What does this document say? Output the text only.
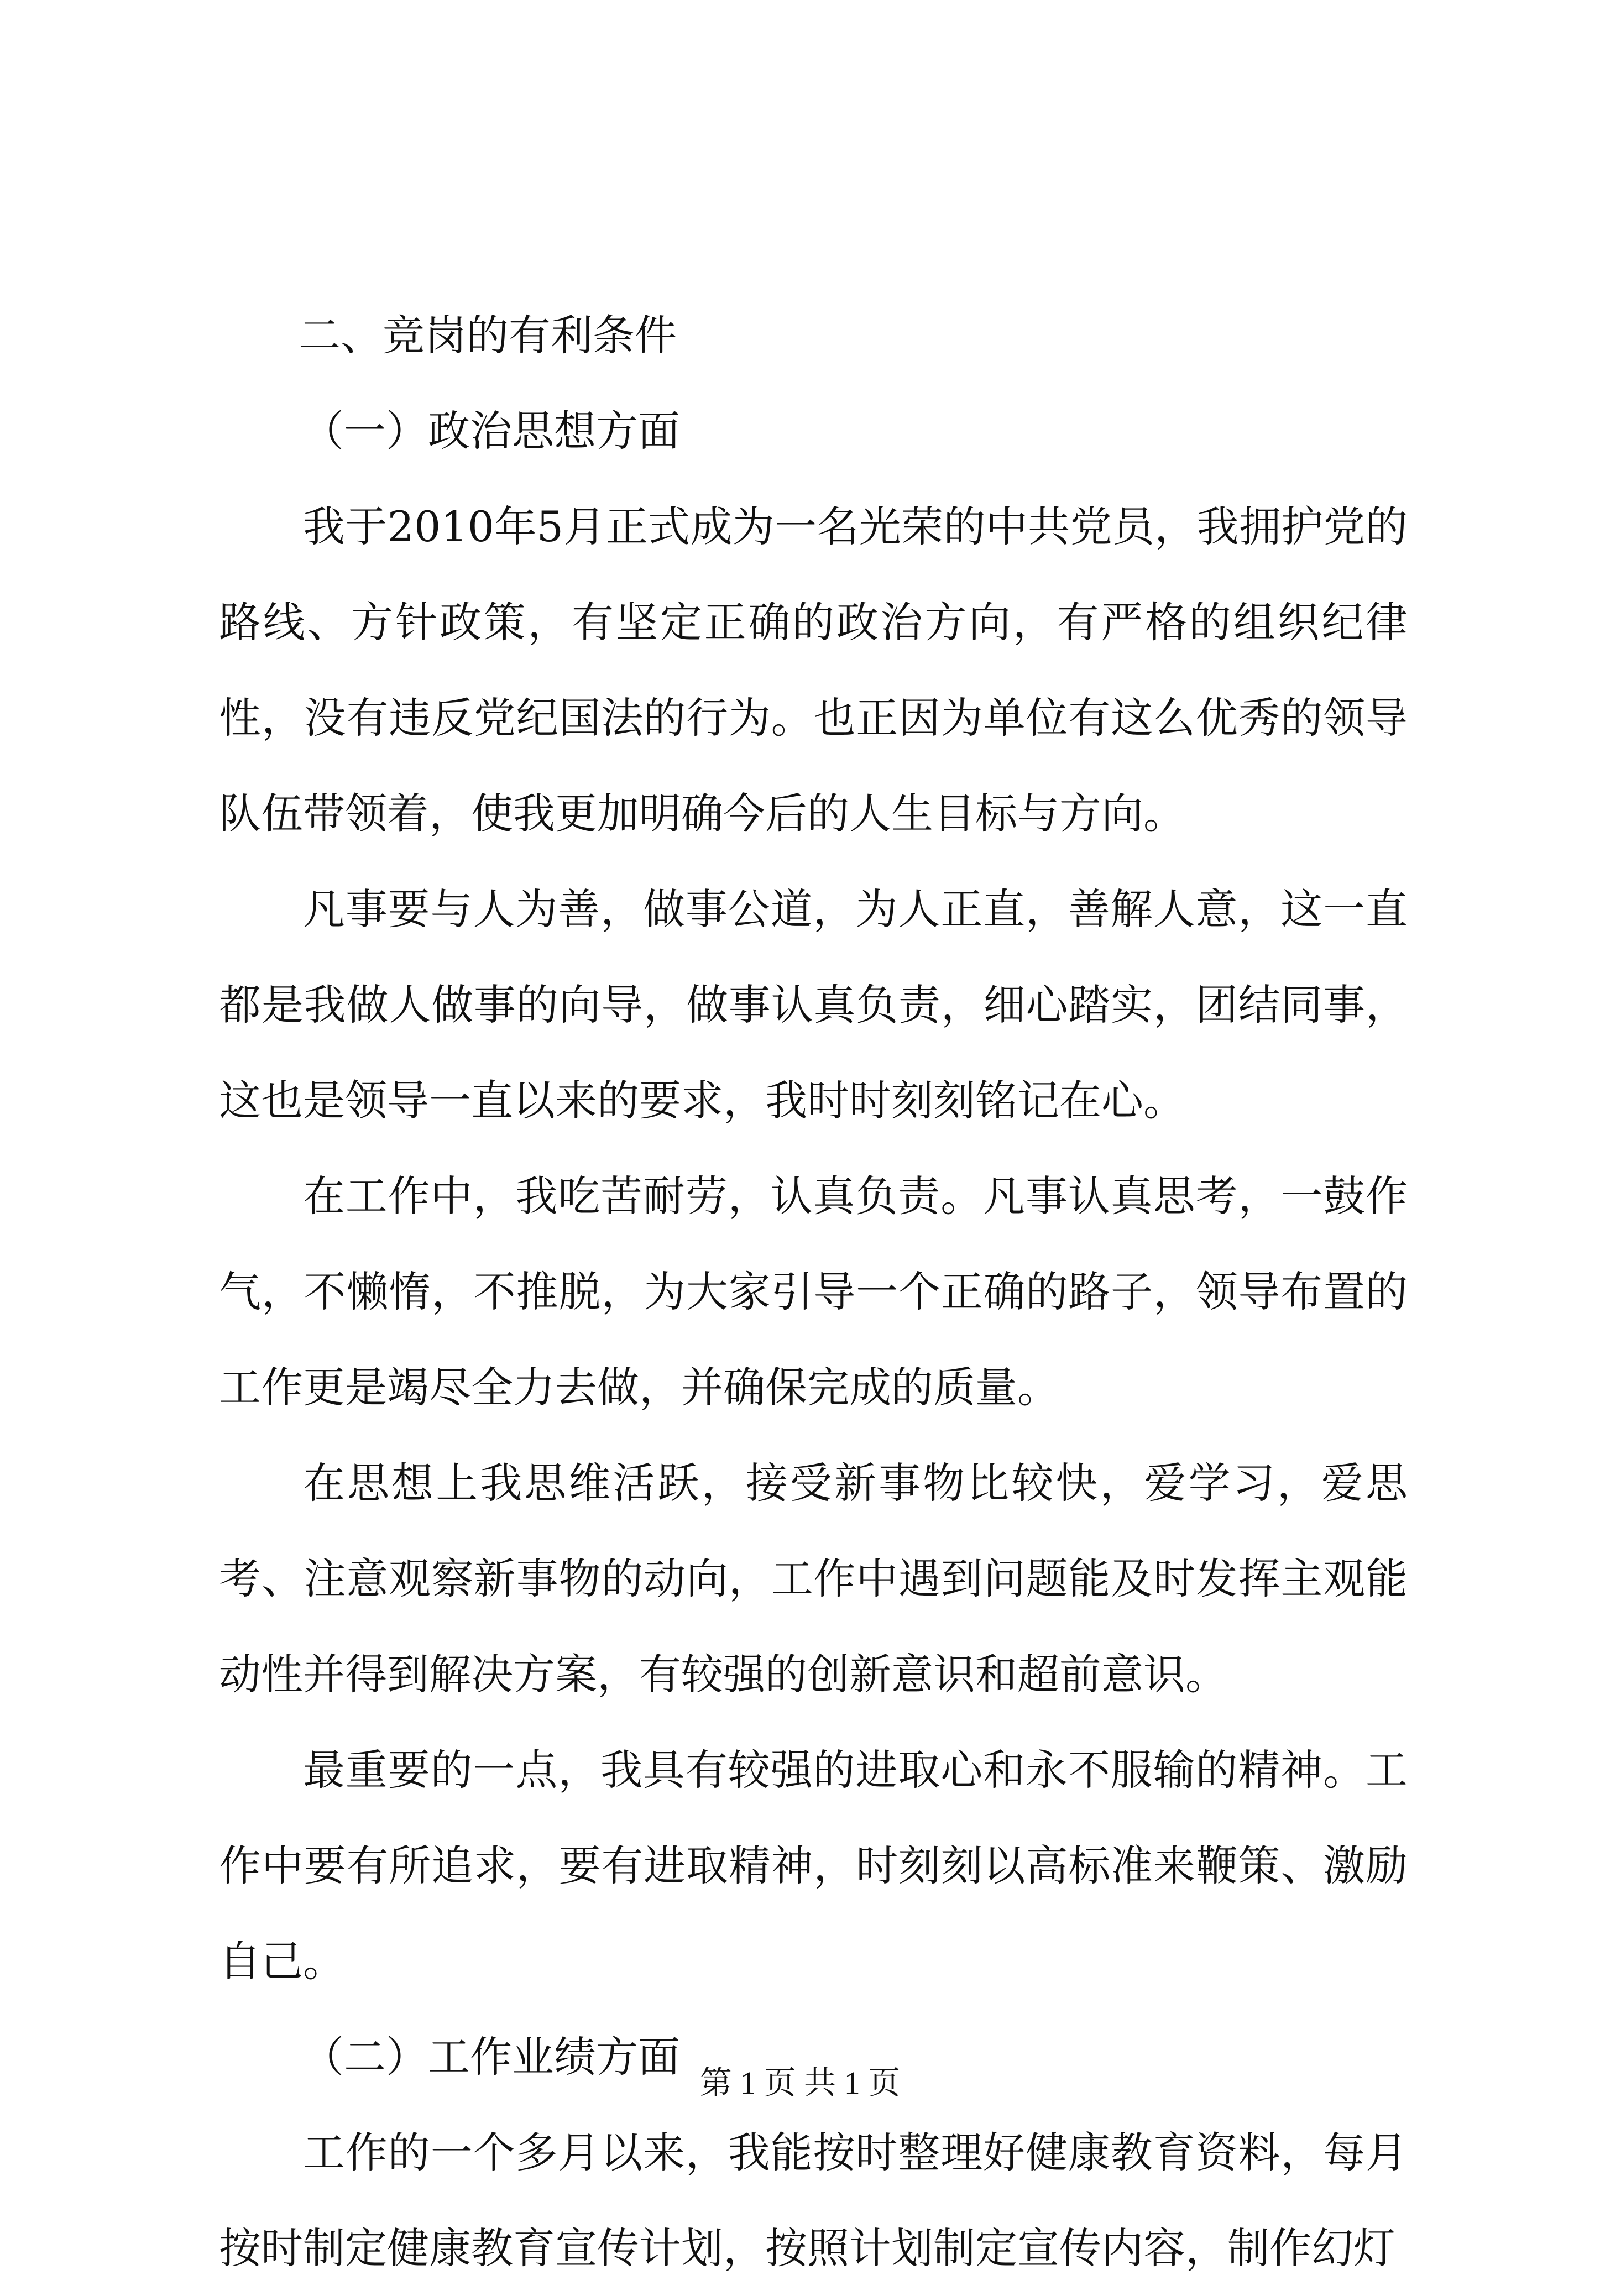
二、竞岗的有利条件

（一）政治思想方面

我于2010年5月正式成为一名光荣的中共党员，我拥护党的路线、方针政策，有坚定正确的政治方向，有严格的组织纪律性，没有违反党纪国法的行为。也正因为单位有这么优秀的领导队伍带领着，使我更加明确今后的人生目标与方向。

凡事要与人为善，做事公道，为人正直，善解人意，这一直都是我做人做事的向导，做事认真负责，细心踏实，团结同事，这也是领导一直以来的要求，我时时刻刻铭记在心。

在工作中，我吃苦耐劳，认真负责。凡事认真思考，一鼓作气，不懒惰，不推脱，为大家引导一个正确的路子，领导布置的工作更是竭尽全力去做，并确保完成的质量。

在思想上我思维活跃，接受新事物比较快，爱学习，爱思考、注意观察新事物的动向，工作中遇到问题能及时发挥主观能动性并得到解决方案，有较强的创新意识和超前意识。

最重要的一点，我具有较强的进取心和永不服输的精神。工作中要有所追求，要有进取精神，时刻刻以高标准来鞭策、激励自己。

（二）工作业绩方面

工作的一个多月以来，我能按时整理好健康教育资料，每月按时制定健康教育宣传计划，按照计划制定宣传内容，制作幻灯

第 1 页 共 1 页
